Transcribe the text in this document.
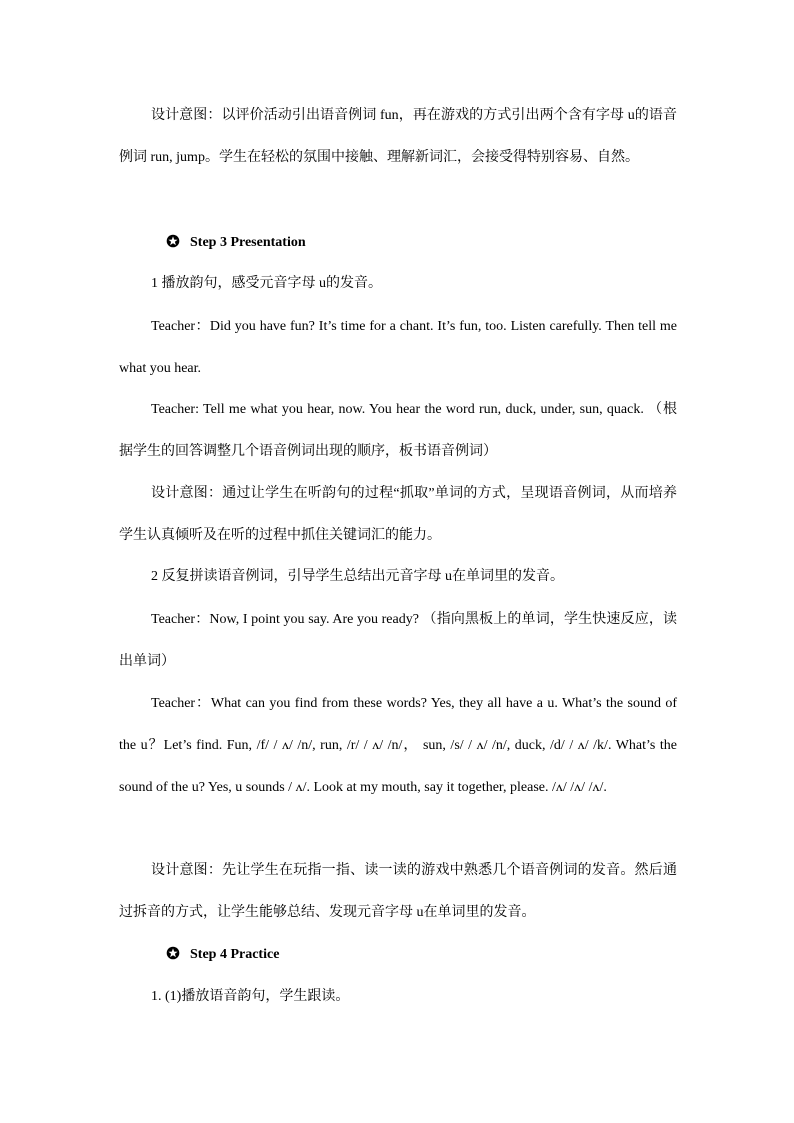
设计意图：以评价活动引出语音例词 fun，再在游戏的方式引出两个含有字母 u的语音例词 run, jump。学生在轻松的氛围中接触、理解新词汇，会接受得特别容易、自然。

Step 3 Presentation

1 播放韵句，感受元音字母 u的发音。

Teacher：Did you have fun? It’s time for a chant. It’s fun, too. Listen carefully. Then tell me what you hear.

Teacher: Tell me what you hear, now. You hear the word run, duck, under, sun, quack. （根据学生的回答调整几个语音例词出现的顺序，板书语音例词）

设计意图：通过让学生在听韵句的过程“抓取”单词的方式，呈现语音例词，从而培养学生认真倾听及在听的过程中抓住关键词汇的能力。

2 反复拼读语音例词，引导学生总结出元音字母 u在单词里的发音。

Teacher：Now, I point you say. Are you ready? （指向黑板上的单词，学生快速反应，读出单词）

Teacher：What can you find from these words? Yes, they all have a u. What’s the sound of the u？Let’s find. Fun, /f/ / ʌ/ /n/, run, /r/ / ʌ/ /n/， sun, /s/ / ʌ/ /n/, duck, /d/ / ʌ/ /k/. What’s the sound of the u? Yes, u sounds / ʌ/. Look at my mouth, say it together, please. /ʌ/ /ʌ/ /ʌ/.

设计意图：先让学生在玩指一指、读一读的游戏中熟悉几个语音例词的发音。然后通过拆音的方式，让学生能够总结、发现元音字母 u在单词里的发音。

Step 4 Practice

1. (1)播放语音韵句，学生跟读。
